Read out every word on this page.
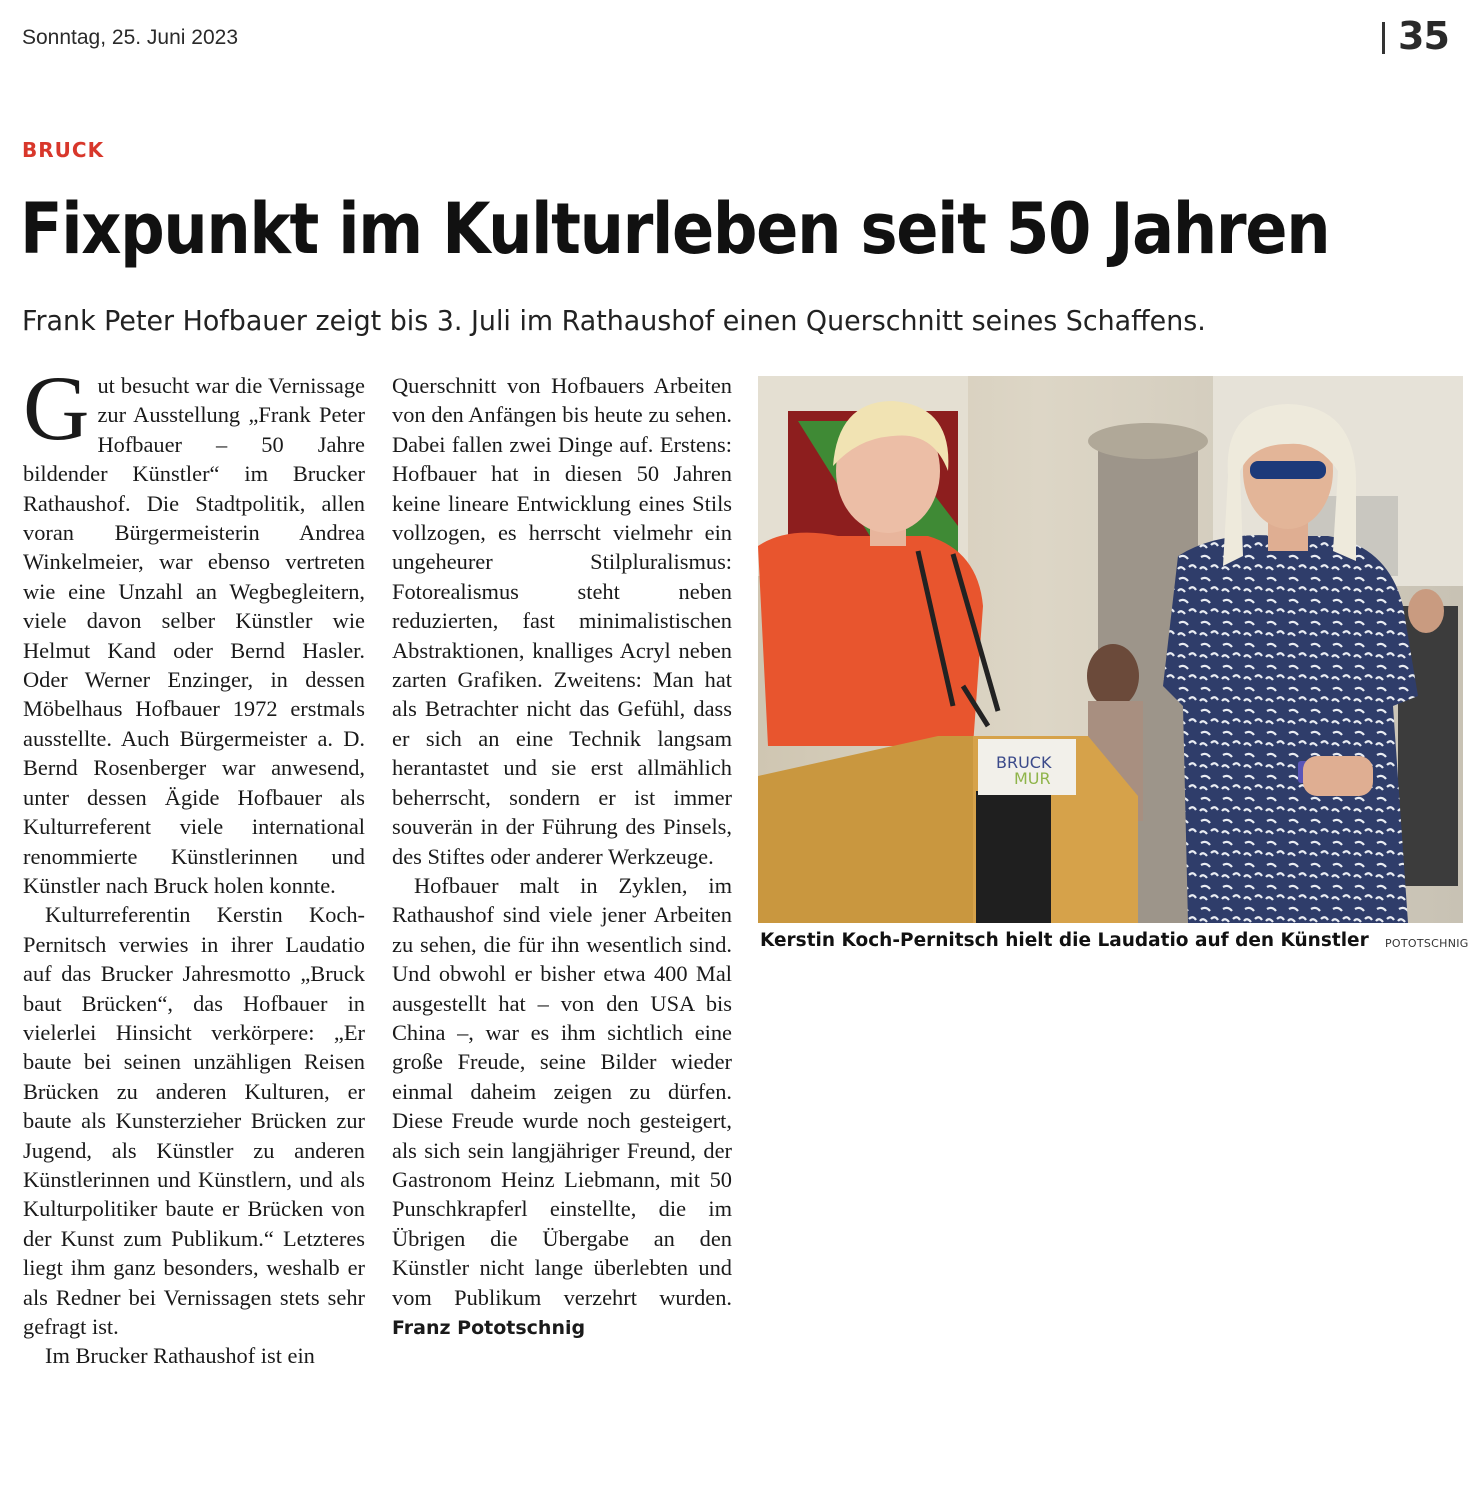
Sonntag, 25. Juni 2023	35
BRUCK
Fixpunkt im Kulturleben seit 50 Jahren
Frank Peter Hofbauer zeigt bis 3. Juli im Rathaushof einen Querschnitt seines Schaffens.
G ut besucht war die Vernissage zur Ausstellung „Frank Peter Hofbauer – 50 Jahre bildender Künstler“ im Brucker Rathaushof. Die Stadtpolitik, allen voran Bürgermeisterin Andrea Winkelmeier, war ebenso vertreten wie eine Unzahl an Wegbegleitern, viele davon selber Künstler wie Helmut Kand oder Bernd Hasler. Oder Werner Enzinger, in dessen Möbelhaus Hofbauer 1972 erstmals ausstellte. Auch Bürgermeister a. D. Bernd Rosenberger war anwesend, unter dessen Ägide Hofbauer als Kulturreferent viele international renommierte Künstlerinnen und Künstler nach Bruck holen konnte.

Kulturreferentin Kerstin Koch-Pernitsch verwies in ihrer Laudatio auf das Brucker Jahresmotto „Bruck baut Brücken“, das Hofbauer in vielerlei Hinsicht verkörpere: „Er baute bei seinen unzähligen Reisen Brücken zu anderen Kulturen, er baute als Kunsterzieher Brücken zur Jugend, als Künstler zu anderen Künstlerinnen und Künstlern, und als Kulturpolitiker baute er Brücken von der Kunst zum Publikum.“ Letzteres liegt ihm ganz besonders, weshalb er als Redner bei Vernissagen stets sehr gefragt ist.

Im Brucker Rathaushof ist ein

Querschnitt von Hofbauers Arbeiten von den Anfängen bis heute zu sehen. Dabei fallen zwei Dinge auf. Erstens: Hofbauer hat in diesen 50 Jahren keine lineare Entwicklung eines Stils vollzogen, es herrscht vielmehr ein ungeheurer Stilpluralismus: Fotorealismus steht neben reduzierten, fast minimalistischen Abstraktionen, knalliges Acryl neben zarten Grafiken. Zweitens: Man hat als Betrachter nicht das Gefühl, dass er sich an eine Technik langsam herantastet und sie erst allmählich beherrscht, sondern er ist immer souverän in der Führung des Pinsels, des Stiftes oder anderer Werkzeuge.

Hofbauer malt in Zyklen, im Rathaushof sind viele jener Arbeiten zu sehen, die für ihn wesentlich sind. Und obwohl er bisher etwa 400 Mal ausgestellt hat – von den USA bis China –, war es ihm sichtlich eine große Freude, seine Bilder wieder einmal daheim zeigen zu dürfen. Diese Freude wurde noch gesteigert, als sich sein langjähriger Freund, der Gastronom Heinz Liebmann, mit 50 Punschkrapferl einstellte, die im Übrigen die Übergabe an den Künstler nicht lange überlebten und vom Publikum verzehrt wurden. Franz Pototschnig

BRUCK
MUR
Kerstin Koch-Pernitsch hielt die Laudatio auf den Künstler POTOTSCHNIG
